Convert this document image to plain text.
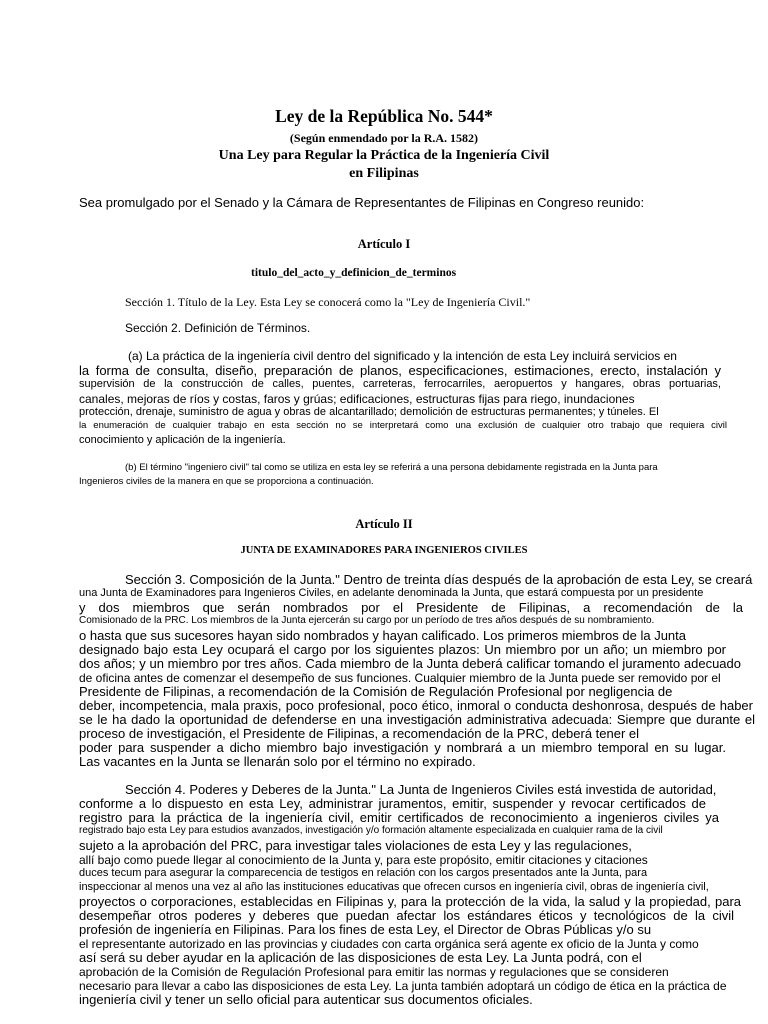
Ley de la República No. 544*
(Según enmendado por la R.A. 1582)
Una Ley para Regular la Práctica de la Ingeniería Civil
en Filipinas
Sea promulgado por el Senado y la Cámara de Representantes de Filipinas en Congreso reunido:
Artículo I
titulo_del_acto_y_definicion_de_terminos
Sección 1. Título de la Ley. Esta Ley se conocerá como la "Ley de Ingeniería Civil."
Sección 2. Definición de Términos.
(a) La práctica de la ingeniería civil dentro del significado y la intención de esta Ley incluirá servicios en
la forma de consulta, diseño, preparación de planos, especificaciones, estimaciones, erecto, instalación y
supervisión de la construcción de calles, puentes, carreteras, ferrocarriles, aeropuertos y hangares, obras portuarias,
canales, mejoras de ríos y costas, faros y grúas; edificaciones, estructuras fijas para riego, inundaciones
protección, drenaje, suministro de agua y obras de alcantarillado; demolición de estructuras permanentes; y túneles. El
la enumeración de cualquier trabajo en esta sección no se interpretará como una exclusión de cualquier otro trabajo que requiera civil
conocimiento y aplicación de la ingeniería.
(b) El término "ingeniero civil" tal como se utiliza en esta ley se referirá a una persona debidamente registrada en la Junta para
Ingenieros civiles de la manera en que se proporciona a continuación.
Artículo II
JUNTA DE EXAMINADORES PARA INGENIEROS CIVILES
Sección 3. Composición de la Junta." Dentro de treinta días después de la aprobación de esta Ley, se creará
una Junta de Examinadores para Ingenieros Civiles, en adelante denominada la Junta, que estará compuesta por un presidente
y dos miembros que serán nombrados por el Presidente de Filipinas, a recomendación de la
Comisionado de la PRC. Los miembros de la Junta ejercerán su cargo por un período de tres años después de su nombramiento.
o hasta que sus sucesores hayan sido nombrados y hayan calificado. Los primeros miembros de la Junta
designado bajo esta Ley ocupará el cargo por los siguientes plazos: Un miembro por un año; un miembro por
dos años; y un miembro por tres años. Cada miembro de la Junta deberá calificar tomando el juramento adecuado
de oficina antes de comenzar el desempeño de sus funciones. Cualquier miembro de la Junta puede ser removido por el
Presidente de Filipinas, a recomendación de la Comisión de Regulación Profesional por negligencia de
deber, incompetencia, mala praxis, poco profesional, poco ético, inmoral o conducta deshonrosa, después de haber
se le ha dado la oportunidad de defenderse en una investigación administrativa adecuada: Siempre que durante el
proceso de investigación, el Presidente de Filipinas, a recomendación de la PRC, deberá tener el
poder para suspender a dicho miembro bajo investigación y nombrará a un miembro temporal en su lugar.
Las vacantes en la Junta se llenarán solo por el término no expirado.
Sección 4. Poderes y Deberes de la Junta." La Junta de Ingenieros Civiles está investida de autoridad,
conforme a lo dispuesto en esta Ley, administrar juramentos, emitir, suspender y revocar certificados de
registro para la práctica de la ingeniería civil, emitir certificados de reconocimiento a ingenieros civiles ya
registrado bajo esta Ley para estudios avanzados, investigación y/o formación altamente especializada en cualquier rama de la civil
sujeto a la aprobación del PRC, para investigar tales violaciones de esta Ley y las regulaciones,
allí bajo como puede llegar al conocimiento de la Junta y, para este propósito, emitir citaciones y citaciones
duces tecum para asegurar la comparecencia de testigos en relación con los cargos presentados ante la Junta, para
inspeccionar al menos una vez al año las instituciones educativas que ofrecen cursos en ingeniería civil, obras de ingeniería civil,
proyectos o corporaciones, establecidas en Filipinas y, para la protección de la vida, la salud y la propiedad, para
desempeñar otros poderes y deberes que puedan afectar los estándares éticos y tecnológicos de la civil
profesión de ingeniería en Filipinas. Para los fines de esta Ley, el Director de Obras Públicas y/o su
el representante autorizado en las provincias y ciudades con carta orgánica será agente ex oficio de la Junta y como
así será su deber ayudar en la aplicación de las disposiciones de esta Ley. La Junta podrá, con el
aprobación de la Comisión de Regulación Profesional para emitir las normas y regulaciones que se consideren
necesario para llevar a cabo las disposiciones de esta Ley. La junta también adoptará un código de ética en la práctica de
ingeniería civil y tener un sello oficial para autenticar sus documentos oficiales.
